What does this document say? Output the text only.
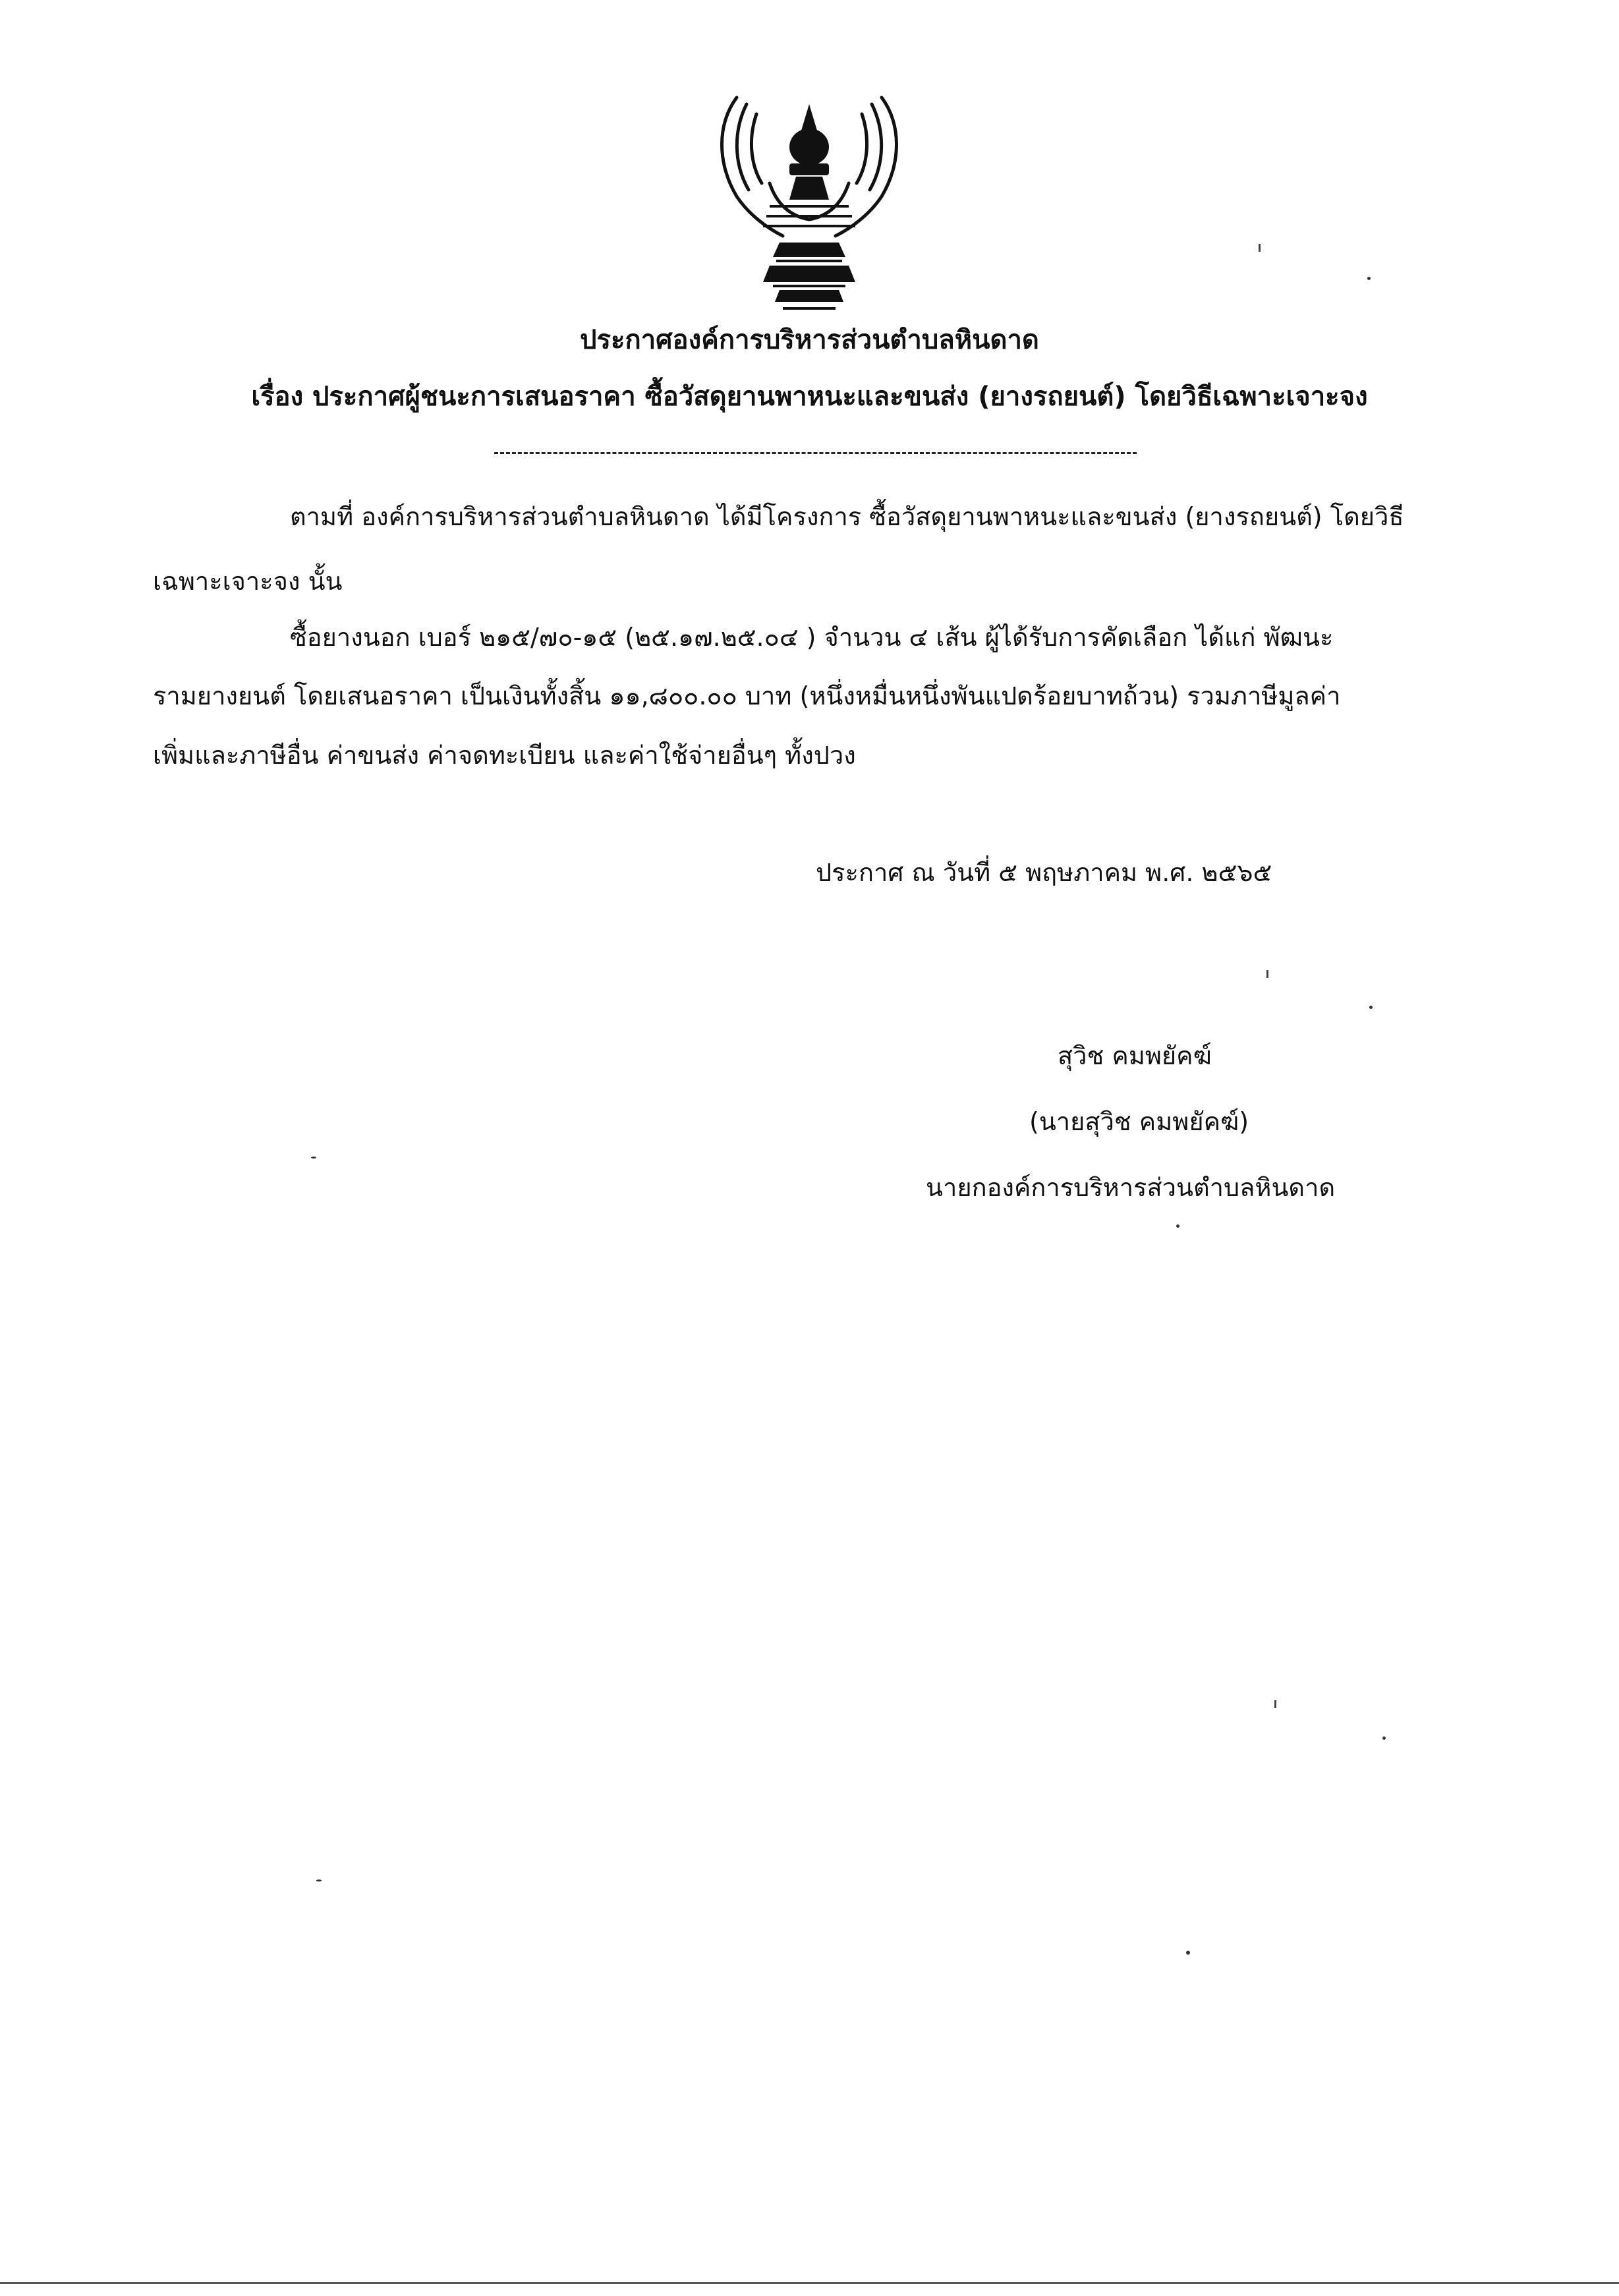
ประกาศองค์การบริหารส่วนตำบลหินดาด
เรื่อง ประกาศผู้ชนะการเสนอราคา ซื้อวัสดุยานพาหนะและขนส่ง (ยางรถยนต์) โดยวิธีเฉพาะเจาะจง
ตามที่ องค์การบริหารส่วนตำบลหินดาด ได้มีโครงการ ซื้อวัสดุยานพาหนะและขนส่ง (ยางรถยนต์) โดยวิธี
เฉพาะเจาะจง นั้น
ซื้อยางนอก เบอร์ ๒๑๕/๗๐-๑๕ (๒๕.๑๗.๒๕.๐๔ ) จำนวน ๔ เส้น ผู้ได้รับการคัดเลือก ได้แก่ พัฒนะ
รามยางยนต์ โดยเสนอราคา เป็นเงินทั้งสิ้น ๑๑,๘๐๐.๐๐ บาท (หนึ่งหมื่นหนึ่งพันแปดร้อยบาทถ้วน) รวมภาษีมูลค่า
เพิ่มและภาษีอื่น ค่าขนส่ง ค่าจดทะเบียน และค่าใช้จ่ายอื่นๆ ทั้งปวง
ประกาศ ณ วันที่ ๕ พฤษภาคม พ.ศ. ๒๕๖๕
สุวิช คมพยัคฆ์
(นายสุวิช คมพยัคฆ์)
นายกองค์การบริหารส่วนตำบลหินดาด
